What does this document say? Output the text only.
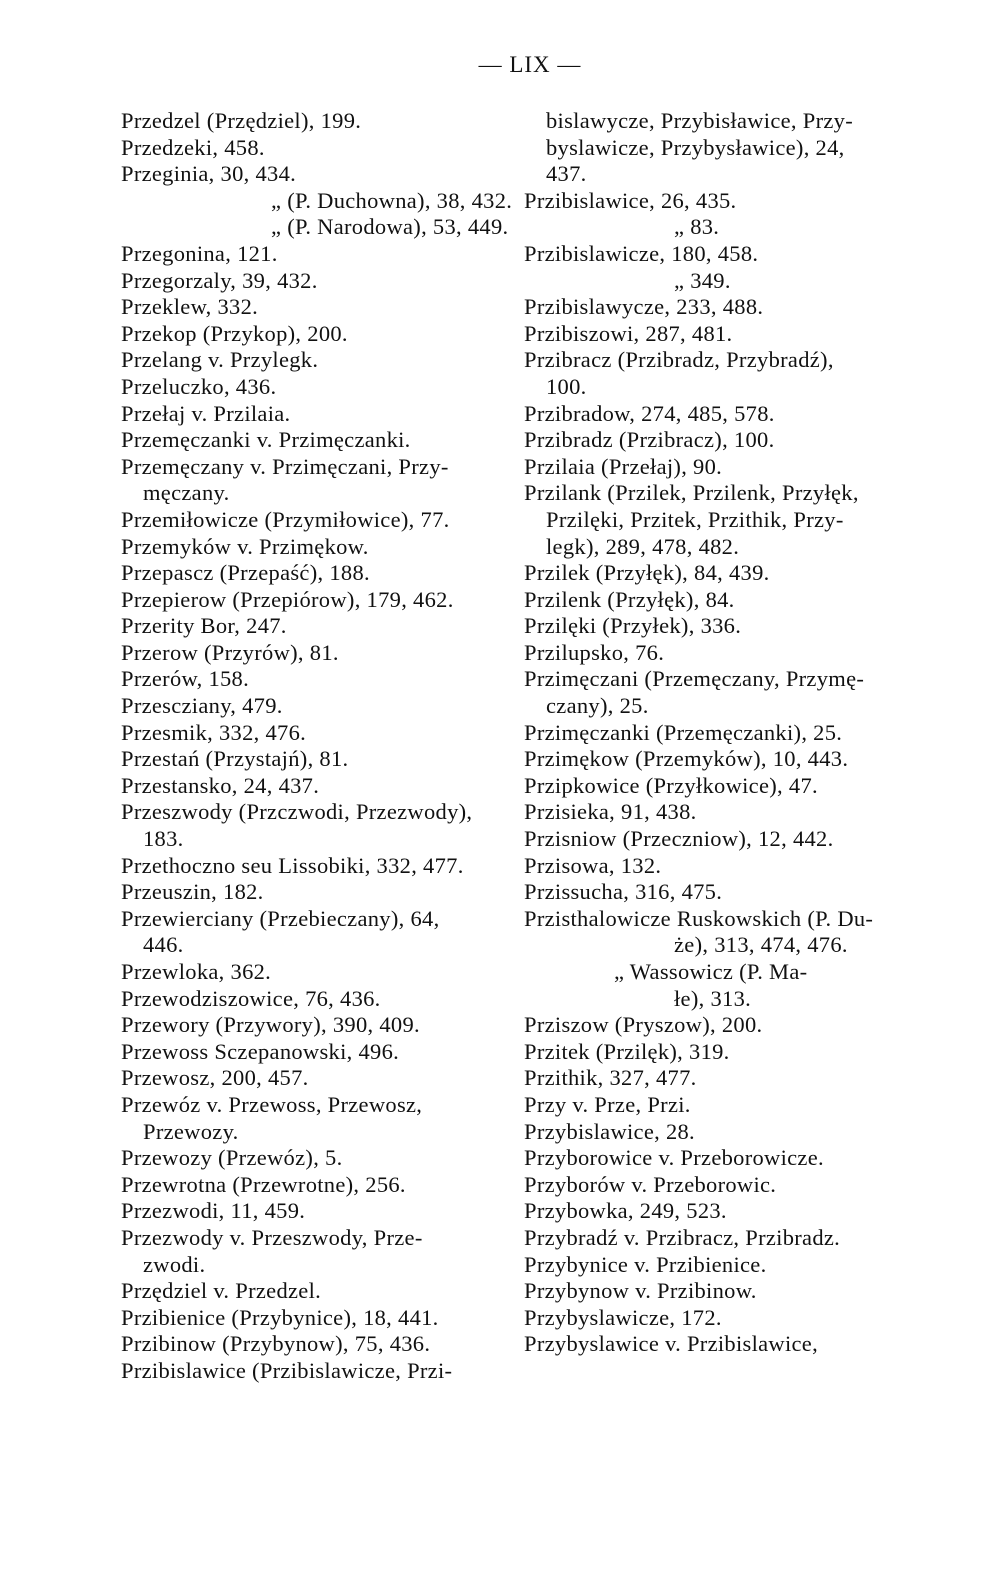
— LIX —
Przedzel (Przędziel), 199.
Przedzeki, 458.
Przeginia, 30, 434.
„ (P. Duchowna), 38, 432.
„ (P. Narodowa), 53, 449.
Przegonina, 121.
Przegorzaly, 39, 432.
Przeklew, 332.
Przekop (Przykop), 200.
Przelang v. Przylegk.
Przeluczko, 436.
Przełaj v. Przilaia.
Przemęczanki v. Przimęczanki.
Przemęczany v. Przimęczani, Przy-
męczany.
Przemiłowicze (Przymiłowice), 77.
Przemyków v. Przimękow.
Przepascz (Przepaść), 188.
Przepierow (Przepiórow), 179, 462.
Przerity Bor, 247.
Przerow (Przyrów), 81.
Przerów, 158.
Przesczіany, 479.
Przesmik, 332, 476.
Przestań (Przystajń), 81.
Przestansko, 24, 437.
Przeszwody (Przczwodi, Przezwody),
183.
Przethoczno seu Lissobiki, 332, 477.
Przeuszin, 182.
Przewierciany (Przebieczany), 64,
446.
Przewloka, 362.
Przewodziszowice, 76, 436.
Przewory (Przywory), 390, 409.
Przewoss Sczepanowski, 496.
Przewosz, 200, 457.
Przewóz v. Przewoss, Przewosz,
Przewozy.
Przewozy (Przewóz), 5.
Przewrotna (Przewrotne), 256.
Przezwodi, 11, 459.
Przezwody v. Przeszwody, Prze-
zwodi.
Przędziel v. Przedzel.
Przibienice (Przybynice), 18, 441.
Przibinow (Przybynow), 75, 436.
Przibislawice (Przibislawicze, Przi-
bislawycze, Przybisławice, Przy-
byslawicze, Przybysławice), 24,
437.
Przibislawice, 26, 435.
„ 83.
Przibislawicze, 180, 458.
„ 349.
Przibislawycze, 233, 488.
Przibiszowi, 287, 481.
Przibracz (Przibradz, Przybradź),
100.
Przibradow, 274, 485, 578.
Przibradz (Przibracz), 100.
Przilaia (Przełaj), 90.
Przilank (Przilek, Przilenk, Przyłęk,
Przilęki, Przitek, Przithik, Przy-
legk), 289, 478, 482.
Przilek (Przyłęk), 84, 439.
Przilenk (Przyłęk), 84.
Przilęki (Przyłek), 336.
Przilupsko, 76.
Przimęczani (Przemęczany, Przymę-
czany), 25.
Przimęczanki (Przemęczanki), 25.
Przimękow (Przemyków), 10, 443.
Przipkowice (Przyłkowice), 47.
Przisieka, 91, 438.
Przisniow (Przeczniow), 12, 442.
Przisowa, 132.
Przissucha, 316, 475.
Przisthalowicze Ruskowskich (P. Du-
że), 313, 474, 476.
„ Wassowicz (P. Ma-
łe), 313.
Przіszow (Pryszow), 200.
Przitek (Przilęk), 319.
Przithik, 327, 477.
Przy v. Prze, Przi.
Przybislawice, 28.
Przyborowice v. Przeborowicze.
Przyborów v. Przeborowic.
Przybowka, 249, 523.
Przybradź v. Przibracz, Przibradz.
Przybynice v. Przibienice.
Przybynow v. Przibinow.
Przybyslawicze, 172.
Przybyslawice v. Przibislawice,
